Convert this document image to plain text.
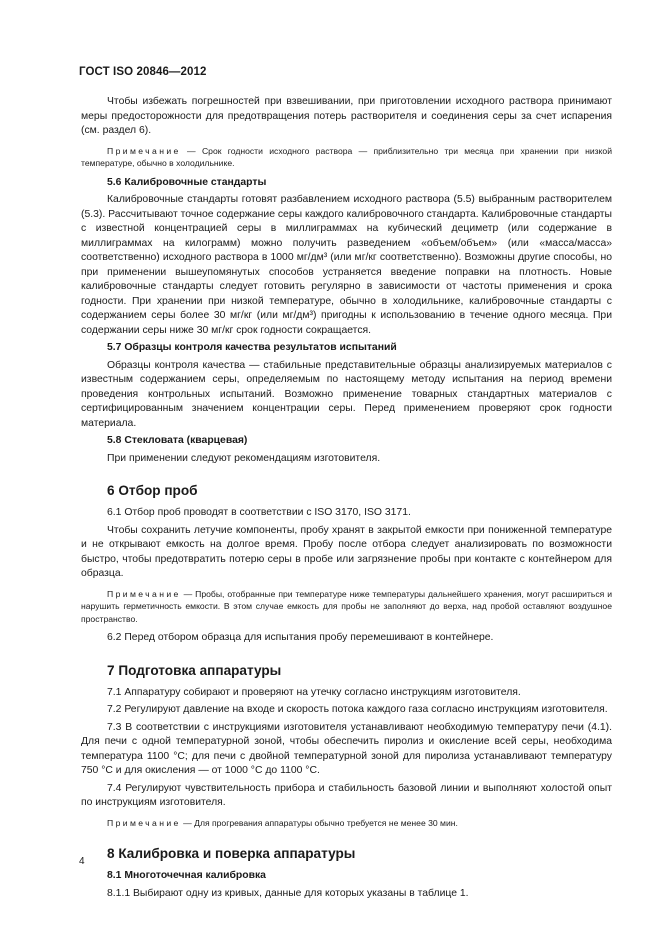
ГОСТ ISO 20846—2012

Чтобы избежать погрешностей при взвешивании, при приготовлении исходного раствора принимают меры предосторожности для предотвращения потерь растворителя и соединения серы за счет испарения (см. раздел 6).

Примечание — Срок годности исходного раствора — приблизительно три месяца при хранении при низкой температуре, обычно в холодильнике.

5.6 Калибровочные стандарты

Калибровочные стандарты готовят разбавлением исходного раствора (5.5) выбранным растворителем (5.3). Рассчитывают точное содержание серы каждого калибровочного стандарта. Калибровочные стандарты с известной концентрацией серы в миллиграммах на кубический дециметр (или содержание в миллиграммах на килограмм) можно получить разведением «объем/объем» (или «масса/масса» соответственно) исходного раствора в 1000 мг/дм³ (или мг/кг соответственно). Возможны другие способы, но при применении вышеупомянутых способов устраняется введение поправки на плотность. Новые калибровочные стандарты следует готовить регулярно в зависимости от частоты применения и срока годности. При хранении при низкой температуре, обычно в холодильнике, калибровочные стандарты с содержанием серы более 30 мг/кг (или мг/дм³) пригодны к использованию в течение одного месяца. При содержании серы ниже 30 мг/кг срок годности сокращается.

5.7 Образцы контроля качества результатов испытаний

Образцы контроля качества — стабильные представительные образцы анализируемых материалов с известным содержанием серы, определяемым по настоящему методу испытания на период времени проведения контрольных испытаний. Возможно применение товарных стандартных материалов с сертифицированным значением концентрации серы. Перед применением проверяют срок годности материала.

5.8 Стекловата (кварцевая)

При применении следуют рекомендациям изготовителя.

6 Отбор проб

6.1 Отбор проб проводят в соответствии с ISO 3170, ISO 3171.

Чтобы сохранить летучие компоненты, пробу хранят в закрытой емкости при пониженной температуре и не открывают емкость на долгое время. Пробу после отбора следует анализировать по возможности быстро, чтобы предотвратить потерю серы в пробе или загрязнение пробы при контакте с контейнером для образца.

Примечание — Пробы, отобранные при температуре ниже температуры дальнейшего хранения, могут расшириться и нарушить герметичность емкости. В этом случае емкость для пробы не заполняют до верха, над пробой оставляют воздушное пространство.

6.2 Перед отбором образца для испытания пробу перемешивают в контейнере.

7 Подготовка аппаратуры

7.1 Аппаратуру собирают и проверяют на утечку согласно инструкциям изготовителя.

7.2 Регулируют давление на входе и скорость потока каждого газа согласно инструкциям изготовителя.

7.3 В соответствии с инструкциями изготовителя устанавливают необходимую температуру печи (4.1). Для печи с одной температурной зоной, чтобы обеспечить пиролиз и окисление всей серы, необходима температура 1100 °C; для печи с двойной температурной зоной для пиролиза устанавливают температуру 750 °C и для окисления — от 1000 °C до 1100 °C.

7.4 Регулируют чувствительность прибора и стабильность базовой линии и выполняют холостой опыт по инструкциям изготовителя.

Примечание — Для прогревания аппаратуры обычно требуется не менее 30 мин.

8 Калибровка и поверка аппаратуры

8.1 Многоточечная калибровка

8.1.1 Выбирают одну из кривых, данные для которых указаны в таблице 1.

4
